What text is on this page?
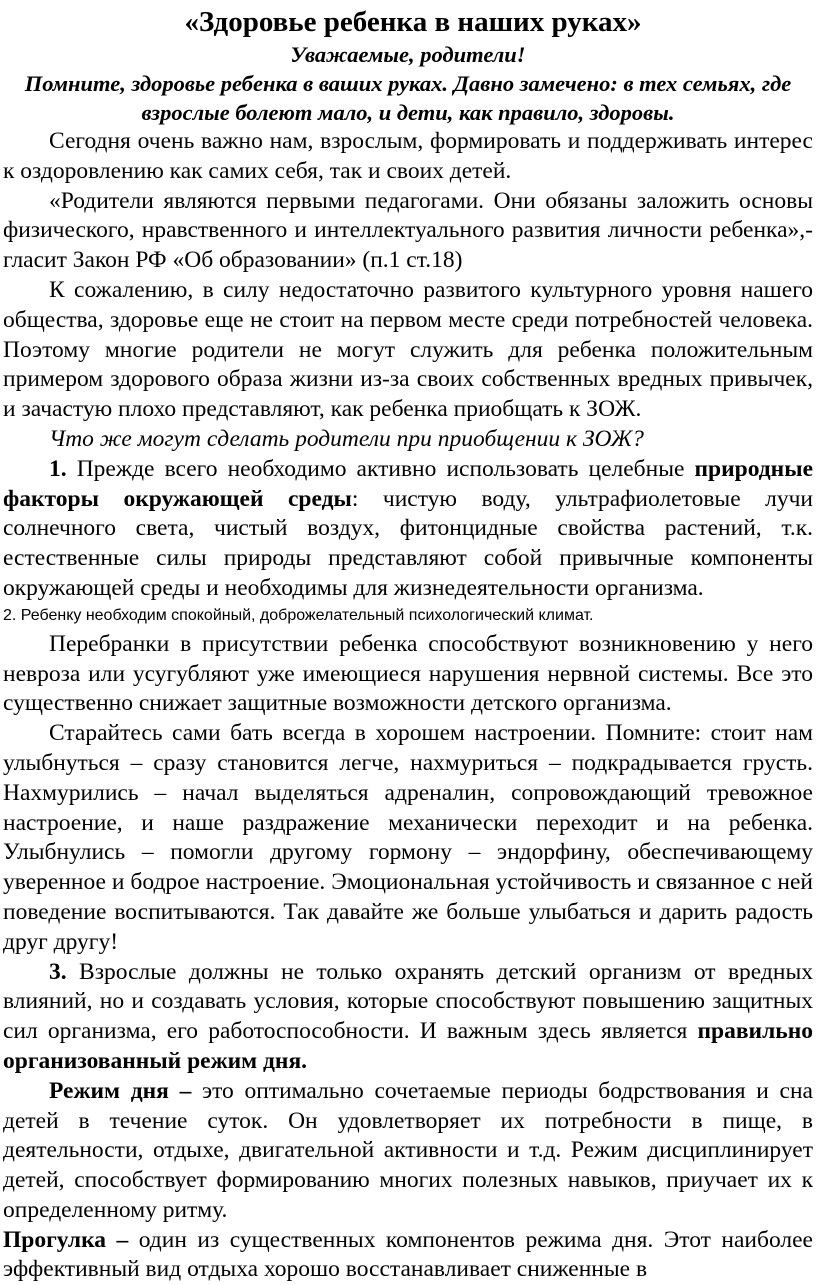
«Здоровье ребенка в наших руках»

Уважаемые, родители!

Помните, здоровье ребенка в ваших руках. Давно замечено: в тех семьях, где взрослые болеют мало, и дети, как правило, здоровы.

Сегодня очень важно нам, взрослым, формировать и поддерживать интерес к оздоровлению как самих себя, так и своих детей.

«Родители являются первыми педагогами. Они обязаны заложить основы физического, нравственного и интеллектуального развития личности ребенка»,- гласит Закон РФ «Об образовании» (п.1 ст.18)

К сожалению, в силу недостаточно развитого культурного уровня нашего общества, здоровье еще не стоит на первом месте среди потребностей человека. Поэтому многие родители не могут служить для ребенка положительным примером здорового образа жизни из-за своих собственных вредных привычек, и зачастую плохо представляют, как ребенка приобщать к ЗОЖ.

Что же могут сделать родители при приобщении к ЗОЖ?

1. Прежде всего необходимо активно использовать целебные природные факторы окружающей среды: чистую воду, ультрафиолетовые лучи солнечного света, чистый воздух, фитонцидные свойства растений, т.к. естественные силы природы представляют собой привычные компоненты окружающей среды и необходимы для жизнедеятельности организма.

2. Ребенку необходим спокойный, доброжелательный психологический климат.

Перебранки в присутствии ребенка способствуют возникновению у него невроза или усугубляют уже имеющиеся нарушения нервной системы. Все это существенно снижает защитные возможности детского организма.

Старайтесь сами бать всегда в хорошем настроении. Помните: стоит нам улыбнуться – сразу становится легче, нахмуриться – подкрадывается грусть. Нахмурились – начал выделяться адреналин, сопровождающий тревожное настроение, и наше раздражение механически переходит и на ребенка. Улыбнулись – помогли другому гормону – эндорфину, обеспечивающему уверенное и бодрое настроение. Эмоциональная устойчивость и связанное с ней поведение воспитываются. Так давайте же больше улыбаться и дарить радость друг другу!

3. Взрослые должны не только охранять детский организм от вредных влияний, но и создавать условия, которые способствуют повышению защитных сил организма, его работоспособности. И важным здесь является правильно организованный режим дня.

Режим дня – это оптимально сочетаемые периоды бодрствования и сна детей в течение суток. Он удовлетворяет их потребности в пище, в деятельности, отдыхе, двигательной активности и т.д. Режим дисциплинирует детей, способствует формированию многих полезных навыков, приучает их к определенному ритму.

Прогулка – один из существенных компонентов режима дня. Этот наиболее эффективный вид отдыха хорошо восстанавливает сниженные в
